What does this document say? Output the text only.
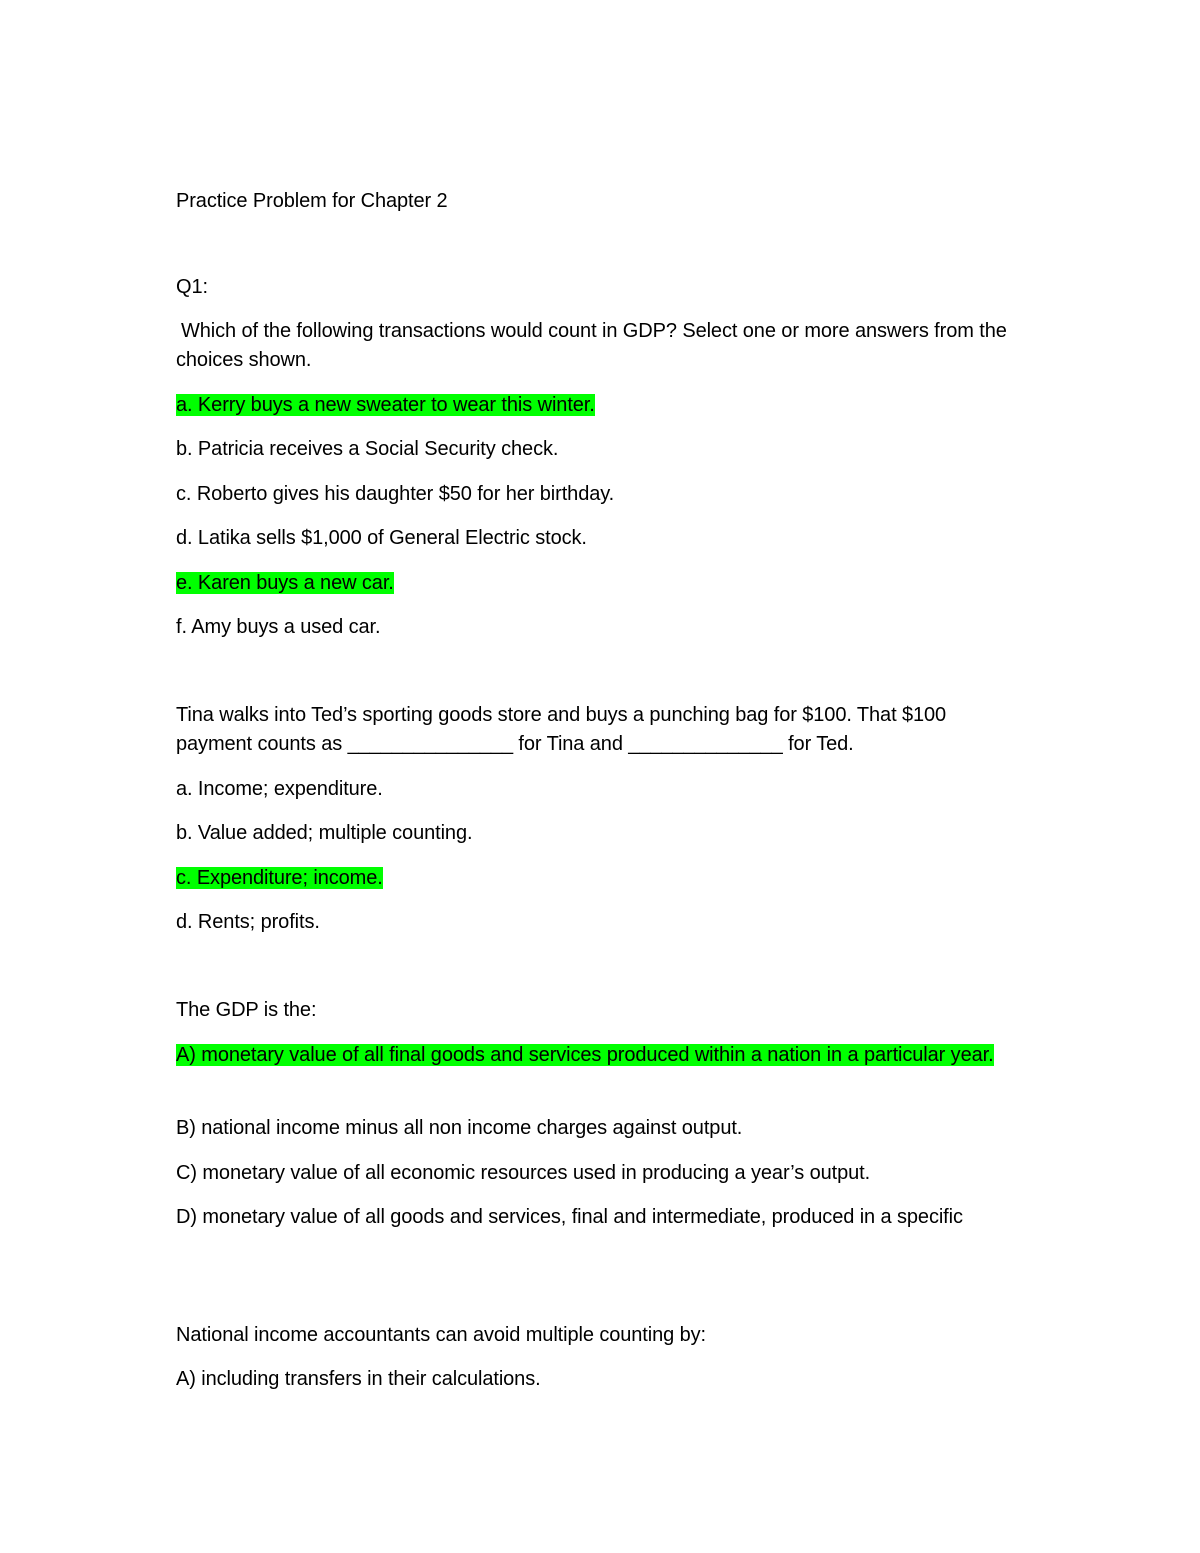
Practice Problem for Chapter 2

Q1:

Which of the following transactions would count in GDP? Select one or more answers from the choices shown.

a. Kerry buys a new sweater to wear this winter.

b. Patricia receives a Social Security check.

c. Roberto gives his daughter $50 for her birthday.

d. Latika sells $1,000 of General Electric stock.

e. Karen buys a new car.

f. Amy buys a used car.

Tina walks into Ted’s sporting goods store and buys a punching bag for $100. That $100 payment counts as _______________ for Tina and ______________ for Ted.

a. Income; expenditure.

b. Value added; multiple counting.

c. Expenditure; income.

d. Rents; profits.

The GDP is the:

A) monetary value of all final goods and services produced within a nation in a particular year.

B) national income minus all non income charges against output.

C) monetary value of all economic resources used in producing a year’s output.

D) monetary value of all goods and services, final and intermediate, produced in a specific

National income accountants can avoid multiple counting by:

A) including transfers in their calculations.
